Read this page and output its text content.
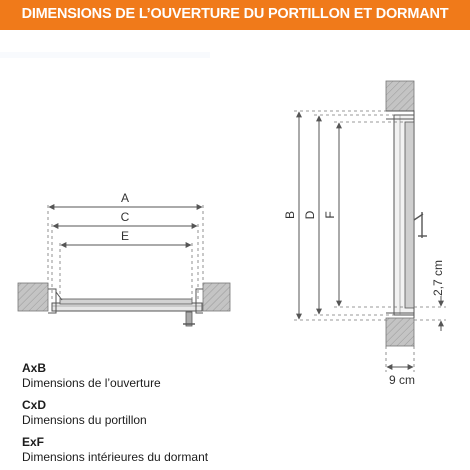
DIMENSIONS DE L’OUVERTURE DU PORTILLON ET DORMANT
A
C
E
B D F
2,7 cm
9 cm
AxB
Dimensions de l’ouverture
CxD
Dimensions du portillon
ExF
Dimensions intérieures du dormant
